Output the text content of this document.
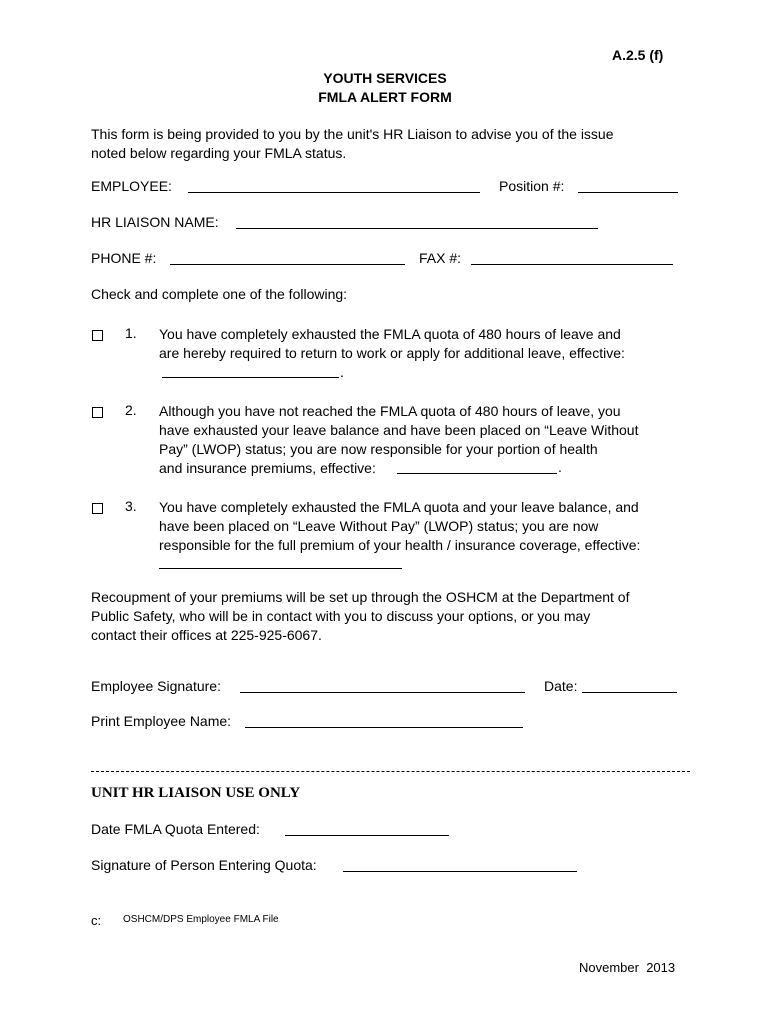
A.2.5 (f)
YOUTH SERVICES
FMLA ALERT FORM
This form is being provided to you by the unit's HR Liaison to advise you of the issue
noted below regarding your FMLA status.
EMPLOYEE:	Position #:
HR LIAISON NAME:
PHONE #:	FAX #:
Check and complete one of the following:
1. You have completely exhausted the FMLA quota of 480 hours of leave and
are hereby required to return to work or apply for additional leave, effective:
.
2. Although you have not reached the FMLA quota of 480 hours of leave, you
have exhausted your leave balance and have been placed on “Leave Without
Pay” (LWOP) status; you are now responsible for your portion of health
and insurance premiums, effective:	.
3. You have completely exhausted the FMLA quota and your leave balance, and
have been placed on “Leave Without Pay” (LWOP) status; you are now
responsible for the full premium of your health / insurance coverage, effective:
Recoupment of your premiums will be set up through the OSHCM at the Department of
Public Safety, who will be in contact with you to discuss your options, or you may
contact their offices at 225-925-6067.
Employee Signature:	Date:
Print Employee Name:
UNIT HR LIAISON USE ONLY
Date FMLA Quota Entered:
Signature of Person Entering Quota:
c: OSHCM/DPS Employee FMLA File
November  2013
